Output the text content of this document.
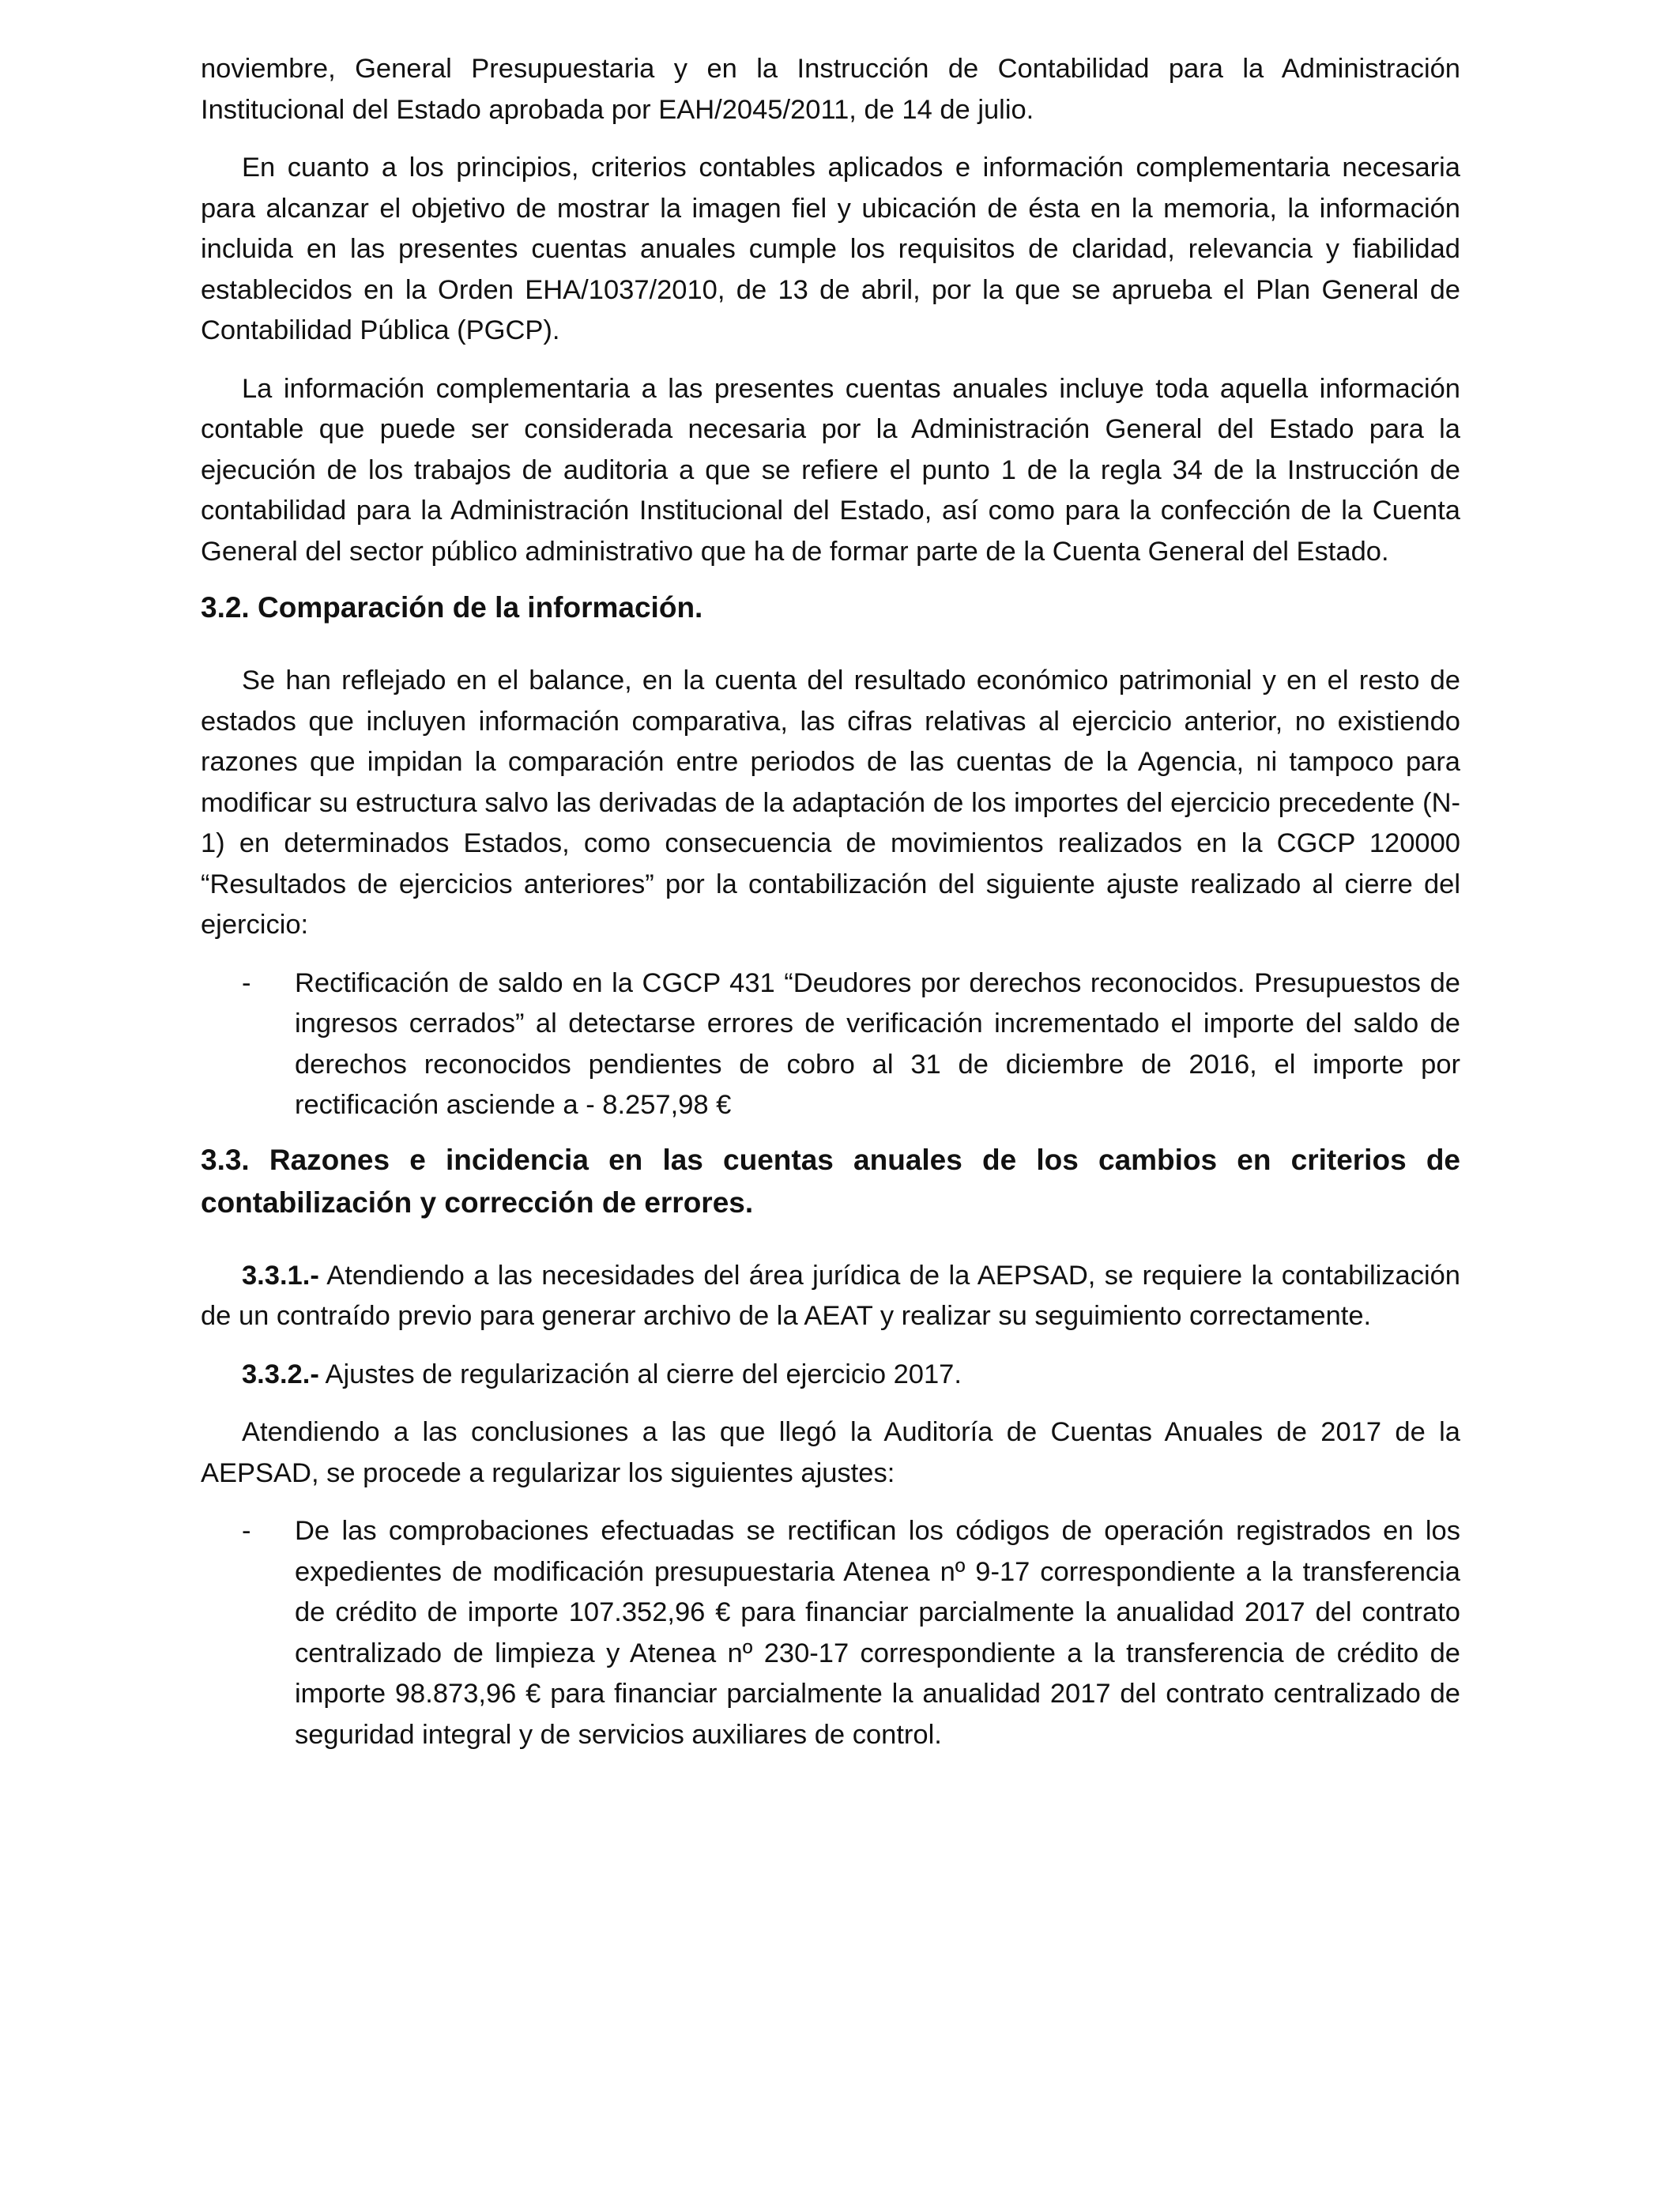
noviembre, General Presupuestaria y en la Instrucción de Contabilidad para la Administración Institucional del Estado aprobada por EAH/2045/2011, de 14 de julio.

En cuanto a los principios, criterios contables aplicados e información complementaria necesaria para alcanzar el objetivo de mostrar la imagen fiel y ubicación de ésta en la memoria, la información incluida en las presentes cuentas anuales cumple los requisitos de claridad, relevancia y fiabilidad establecidos en la Orden EHA/1037/2010, de 13 de abril, por la que se aprueba el Plan General de Contabilidad Pública (PGCP).

La información complementaria a las presentes cuentas anuales incluye toda aquella información contable que puede ser considerada necesaria por la Administración General del Estado para la ejecución de los trabajos de auditoria a que se refiere el punto 1 de la regla 34 de la Instrucción de contabilidad para la Administración Institucional del Estado, así como para la confección de la Cuenta General del sector público administrativo que ha de formar parte de la Cuenta General del Estado.

3.2. Comparación de la información.

Se han reflejado en el balance, en la cuenta del resultado económico patrimonial y en el resto de estados que incluyen información comparativa, las cifras relativas al ejercicio anterior, no existiendo razones que impidan la comparación entre periodos de las cuentas de la Agencia, ni tampoco para modificar su estructura salvo las derivadas de la adaptación de los importes del ejercicio precedente (N-1) en determinados Estados, como consecuencia de movimientos realizados en la CGCP 120000 “Resultados de ejercicios anteriores” por la contabilización del siguiente ajuste realizado al cierre del ejercicio:

- Rectificación de saldo en la CGCP 431 “Deudores por derechos reconocidos. Presupuestos de ingresos cerrados” al detectarse errores de verificación incrementado el importe del saldo de derechos reconocidos pendientes de cobro al 31 de diciembre de 2016, el importe por rectificación asciende a - 8.257,98 €
3.3. Razones e incidencia en las cuentas anuales de los cambios en criterios de contabilización y corrección de errores.

3.3.1.- Atendiendo a las necesidades del área jurídica de la AEPSAD, se requiere la contabilización de un contraído previo para generar archivo de la AEAT y realizar su seguimiento correctamente.

3.3.2.- Ajustes de regularización al cierre del ejercicio 2017.

Atendiendo a las conclusiones a las que llegó la Auditoría de Cuentas Anuales de 2017 de la AEPSAD, se procede a regularizar los siguientes ajustes:

- De las comprobaciones efectuadas se rectifican los códigos de operación registrados en los expedientes de modificación presupuestaria Atenea nº 9-17 correspondiente a la transferencia de crédito de importe 107.352,96 € para financiar parcialmente la anualidad 2017 del contrato centralizado de limpieza y Atenea nº 230-17 correspondiente a la transferencia de crédito de importe 98.873,96 € para financiar parcialmente la anualidad 2017 del contrato centralizado de seguridad integral y de servicios auxiliares de control.
